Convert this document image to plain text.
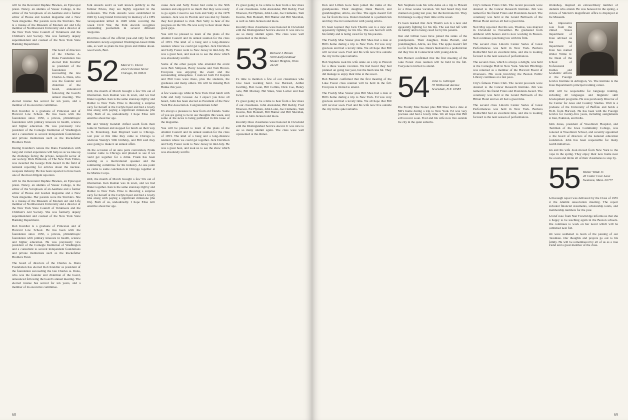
will be the Reverend Daphne Hawkes, an Episcopal priest. Nancy, an alumna of Vassar College, is the editor of the Scrapbook of an Aesthete and a former editor of House and Garden magazine and a New York magazine. Her parents were the Sinclairs. She is a trustee of the Museum of Modern Art and Life member of Northwestern University and a director of the New York State Council of Volunteers and the Children's Aid Society. She was formerly deputy superintendent and counsel of the New York State Banking Department.

The board of directors of the Charles A. Dana Foundation has elected Rob Kreidler as president of the foundation succeeding the late Charles A. Dana, who was the founder and chairman of the board, announced following the board's annual meeting. The elected trustee has served for ten years, and a member of its executive committee.

Rob Kreidler is a graduate of Princeton and of Harvard Law School. He has been with the foundation since 1950, a private, philanthropic foundation with primary interests in health, science and higher education. He was previously vice president of the Carnegie Institution of Washington and a consultant to several independent foundations and private institutions such as the Rockefeller Brothers Fund.

During Kreidler's tenure the Dana Foundation with long and varied experience will help us as we take up the challenge facing the private, nonprofit sector of our society. Dick Hallorun, of The New York Times, was awarded the George Polk Award in the field of national reporting for articles about the nuclear-weapons industry. He has been reported to have been one of the most diligent reporters.

will be the Reverend Daphne Hawkes, an Episcopal priest. Nancy, an alumna of Vassar College, is the editor of the Scrapbook of an Aesthete and a former editor of House and Garden magazine and a New York magazine. Her parents were the Sinclairs. She is a trustee of the Museum of Modern Art and Life member of Northwestern University and a director of the New York State Council of Volunteers and the Children's Aid Society. She was formerly deputy superintendent and counsel of the New York State Banking Department.

Rob Kreidler is a graduate of Princeton and of Harvard Law School. He has been with the foundation since 1950, a private, philanthropic foundation with primary interests in health, science and higher education. He was previously vice president of the Carnegie Institution of Washington and a consultant to several independent foundations and private institutions such as the Rockefeller Brothers Fund.

The board of directors of the Charles A. Dana Foundation has elected Rob Kreidler as president of the foundation succeeding the late Charles A. Dana, who was the founder and chairman of the board, announced following the board's annual meeting. The elected trustee has served for ten years, and a member of its executive committee.

Polk Awards aren't as well known publicly as the Pulitzer Prizes, they are highly regarded in the profession. The Polk Awards were established in 1949 by Long Island University in memory of a CBS correspondent killed in 1948 while covering the Greek Civil War, the Polk Awards recognize outstanding journalism in several different categories.

Word has come of the official year-end tally for Bert Rothstein's newly-organized Washington-based think tank, as well as plans he has given and thinks about. Good work, Bert.

52 Marcel C. Durot
2222 Chestnut Street
Chicago, Ill. 60611

Well, the month of March brought a few 50s out of hibernation. Ken Roman was in town, and we had dinner together. Ken is the same stand-up Ogilvy and Mather to New York. Elise is throwing a surprise party for herself at the Carlyle hotel and had a lovely time along with paying a significant milestone (the 50s). Both of us, undoubtedly. I hope Elise isn't sensitive about her age.

Bill and Wendy Kendall drifted south from their home in Vermont and stopped for lunch on their way to St. Petersburg. Ken Maynard went to Chicago. Last year at this time they came to Chicago to celebrate Wendy's 50th birthday, and Bill said they were going to make it an annual affair.

On the occasion of an auto parts convention, Frank Cosnier came to Chicago and phoned to see if we could get together for a drink. Frank has been working as a motivational speaker and the nominating committee for his industry. At one point we came to same conclusion in Chicago together at the Marine Corps.

Well, the month of March brought a few 50s out of hibernation. Ken Roman was in town, and we had dinner together. Ken is the same stand-up Ogilvy and Mather to New York. Elise is throwing a surprise party for herself at the Carlyle hotel and had a lovely time along with paying a significant milestone (the 50s). Both of us, undoubtedly. I hope Elise isn't sensitive about her age.

cause Jack and Sally Foster had come to the 50th reunion and enjoyed it so much that they were ready to go again. I need to see Jack and Sally at the 1978 reunion. Jack was in Florida and was met by friends they had planned to visit. Bob Sally to hear of the progress on the 50s. He was sorry to hear about these great guys.

You will be pleased to learn of the plans of the Alumni Council and its annual reunion for the class of 1953. The kind of a bang and a long-distance reunion where we could get together. Jack Davidson and Sally Foster went to New Jersey in mid-July. He was a great host, and took us to see the show which was absolutely terrific.

Some of the other people who attended the event were Bob Simpson, Barry Greene and Tom Brown. Everyone was enjoying the event and the surrounding atmosphere. I noticed both Ed Kaplan and Phil Cass were there, plus the students, the graduates and many others. We will be missing Bob Bunke this year.

A few weeks ago while in New York I had lunch with John and Judy Grosser. As I expect you have all heard, John has been elected as President of the New York Bar Association. Congratulations John!

It's always a pleasure to hear from old friends. Some of you are going to be in our thoughts this week, and some of the news is being published in this issue of the magazine.

You will be pleased to learn of the plans of the Alumni Council and its annual reunion for the class of 1953. The kind of a bang and a long-distance reunion where we could get together. Jack Davidson and Sally Foster went to New Jersey in mid-July. He was a great host, and took us to see the show which was absolutely terrific.

It's great going to be a time to hear from a few more of our classmates. John Alexander, Bill Reddy, Fred Elberson, Pat Hyman, John Lonn, Joe Clements, Tom Stearns, Bob Bonnell, Bill Hunter and Bill Sheridan, as well as John Jackson and more.

Recently three classmates were honored in Cleveland with the Distinguished Service Award. It was nice to see so many alumni again. The class were well represented at the dinner.

53 Richard J. Bloom
3209 Ashford Road
Shaker Heights, Ohio 44120

It's time to mention a few of our classmates who have been working hard. Joe Bernard, Arthur Swelling, Bob Loan, Bill Collins, Dick Coe, Henry Gale, Bill Mackey, Hal Sikes, Stan Lorber and Ken Swire.

It's great going to be a time to hear from a few more of our classmates. John Alexander, Bill Reddy, Fred Elberson, Pat Hyman, John Lonn, Joe Clements, Tom Stearns, Bob Bonnell, Bill Hunter and Bill Sheridan, as well as John Jackson and more.

Recently three classmates were honored in Cleveland with the Distinguished Service Award. It was nice to see so many alumni again. The class were well represented at the dinner.

68

Don and Lillian Gore have joined the ranks of the grandparents. Their daughter, Dana Barrell, and granddaughter, Alicia, are fine. The apple doesn't fall too far from the tree. Dana's husband is a pediatrician and they live in Connecticut with young Alicia.

It's been learned that Jack Thom's son is a new and apparently fighting for his life. The son had left with his family and is being cared for by his parents.

The Freddy Mae Stoner plus Bill Shea had a date at Bill's home during a trip to New York. Ed was very gracious and had a lovely time. We all hope that Bill will recover soon. Fred and his wife now live outside the city in the quiet suburbs.

Bob Stephens took his wife Anne on a trip to Hawaii for a three weeks vacation. We had heard they had planned on going last year, but the hurricane hit. They did manage to enjoy their time at the resort.

Bob Burnett confirmed that the first meeting of the Lake Forest class reunion will be held in the fall. Everyone is invited to attend.

The Freddy Mae Stoner plus Bill Shea had a date at Bill's home during a trip to New York. Ed was very gracious and had a lovely time. We all hope that Bill will recover soon. Fred and his wife now live outside the city in the quiet suburbs.

Bob Stephens took his wife Anne on a trip to Hawaii for a three weeks vacation. We had heard they had planned on going last year, but the hurricane hit. They did manage to enjoy their time at the resort.

It's been learned that Jack Thom's son is a new and apparently fighting for his life. The son had left with his family and is being cared for by his parents.

Don and Lillian Gore have joined the ranks of the grandparents. Their daughter, Dana Barrell, and granddaughter, Alicia, are fine. The apple doesn't fall too far from the tree. Dana's husband is a pediatrician and they live in Connecticut with young Alicia.

Bob Burnett confirmed that the first meeting of the Lake Forest class reunion will be held in the fall. Everyone is invited to attend.

54 John G. Gillespie
35 Wildwood Avenue
Scarsdale, N.Y. 10583

The Freddy Mae Stoner plus Bill Shea had a date at Bill's home during a trip to New York. Ed was very gracious and had a lovely time. We all hope that Bill will recover soon. Fred and his wife now live outside the city in the quiet suburbs.

City's famous Friars Club. The recent proceeds were donated to the Cancer Research Institute. Jim was named for his friend Friars and Presidents Award. The ceremony was held at the Grand Ballroom of the Hilton Hotel and we all had a great time.

Ned May reported that his son, Thomas, was married in Cleveland to November. He graduated from Amherst with honors and is now working in Boston. Ned continues practising law with his firm.

The second class Lincoln Center Series of Great Performances was held in New York. Barbara Rothschild had an excellent time, and she is looking forward to the next season of performances.

The second class, which is always a delight, was held at the Carnegie Hall in New York. Sinclair Hitchings was returned as a member of the Harvard Board of Overseers. His work involving the Boston Public Library continues at a fast pace.

City's famous Friars Club. The recent proceeds were donated to the Cancer Research Institute. Jim was named for his friend Friars and Presidents Award. The ceremony was held at the Grand Ballroom of the Hilton Hotel and we all had a great time.

The second class Lincoln Center Series of Great Performances was held in New York. Barbara Rothschild had an excellent time, and she is looking forward to the next season of performances.

Workshop, inspired an extraordinary number of students who attend. He was honored in the spring, a picture of Sinclair's magnificent office is displayed at the Museum.

An impressive note from the United States Department of State advised us that the Department of State has named Walter Wilde Jr. the Dean of the School of Professional Studies and Academic Affairs at the Foreign Service Institute in Arlington, Va. The institute is the State Department's principal training center.

Walt will be responsible for language training, including 40 languages and linguistic skill development programs. He was previously Director of the Center for Area and Country Studies. Walt is a graduate of the University of Buffalo and holds a Ph.D. from Harvard. He has been with the Foreign Service for twenty-five years, including assignments in Iran, Pakistan, and India.

John Jones, president of Woodlawn Hospital, and chairman of the Iowa Community College, was honored at Woodlawn School, and recently appointed to the board of directors of the national education foundation. John has been responsible for many health initiatives.

Ian and his wife Joan moved from New York to the Cape in the spring. They enjoy their new home near the ocean and invite all of their classmates to stop by.

55 Walter Wilde Jr.
26 Cedar Cove Lane
Swansea, Mass. 02777

A thorough report was delivered by the Class of 1955 at the Alumni Association meeting. The report included financial statements, scholarship totals, and membership numbers for the year.

A brief note from Nan Trowbridge informs us that she is happy to be teaching again in the Boston schools. She continues to work on her novel which will be published next fall.

We were saddened to learn of the passing of our classmate. Our thoughts and prayers go out to his family. He will be remembered by all of us as a true friend and a great member of the class.

69
